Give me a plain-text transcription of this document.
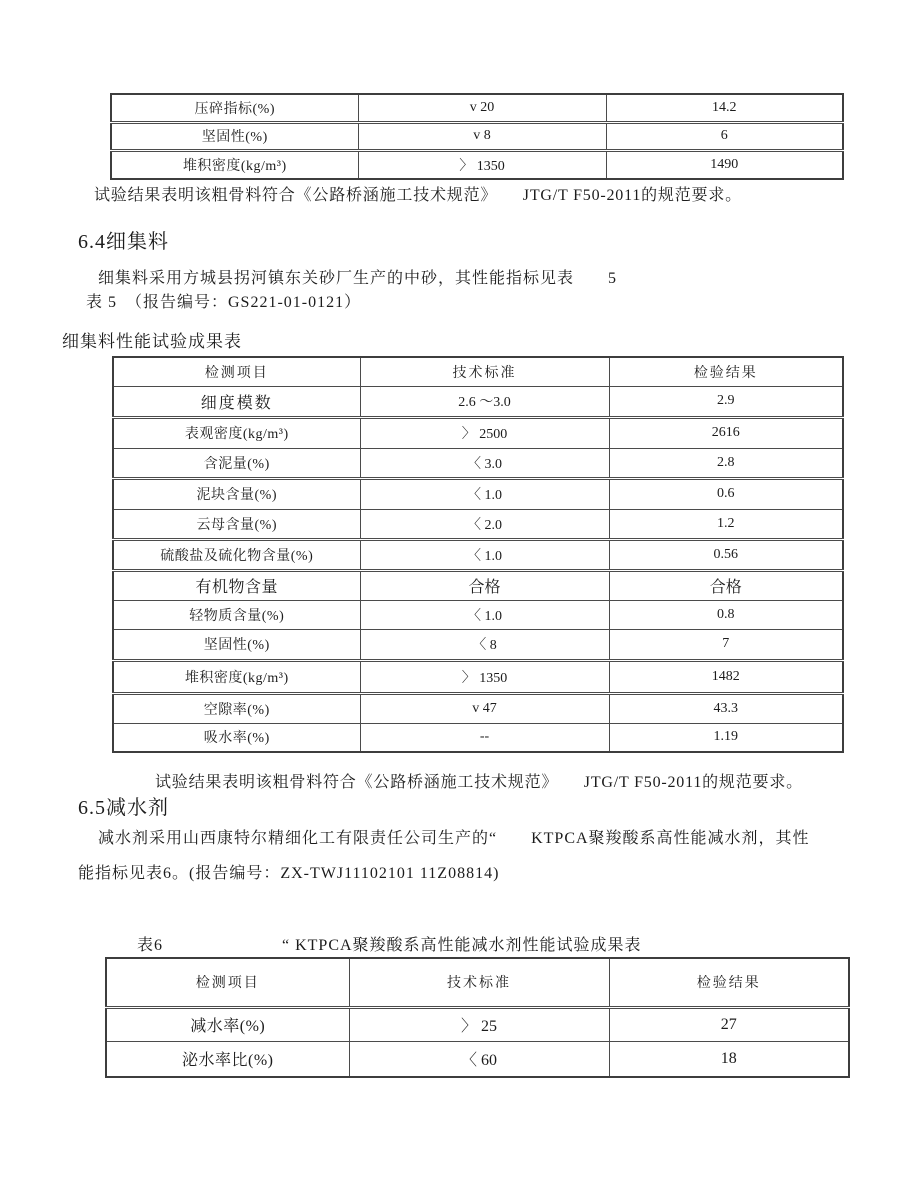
压碎指标(%)	v 20	14.2
坚固性(%)	v 8	6
堆积密度(kg/m³)	〉 1350	1490
试验结果表明该粗骨料符合《公路桥涵施工技术规范》　　JTG/T F50-2011的规范要求。
6.4细集料
细集料采用方城县拐河镇东关砂厂生产的中砂，其性能指标见表　　5
表 5　（报告编号：GS221-01-0121）
细集料性能试验成果表
检测项目	技术标准	检验结果
细度模数	2.6 ～3.0	2.9
表观密度(kg/m³)	〉 2500	2616
含泥量(%)	〈 3.0	2.8
泥块含量(%)	〈 1.0	0.6
云母含量(%)	〈 2.0	1.2
硫酸盐及硫化物含量(%)	〈 1.0	0.56
有机物含量	合格	合格
轻物质含量(%)	〈 1.0	0.8
坚固性(%)	〈 8	7
堆积密度(kg/m³)	〉 1350	1482
空隙率(%)	v 47	43.3
吸水率(%)	--	1.19
试验结果表明该粗骨料符合《公路桥涵施工技术规范》　　JTG/T F50-2011的规范要求。
6.5减水剂
减水剂采用山西康特尔精细化工有限责任公司生产的“　　KTPCA聚羧酸系高性能减水剂，其性
能指标见表6。(报告编号：ZX-TWJ11102101 11Z08814)
表6	“ KTPCA聚羧酸系高性能减水剂性能试验成果表
检测项目	技术标准	检验结果
减水率(%)	〉 25	27
泌水率比(%)	〈 60	18
